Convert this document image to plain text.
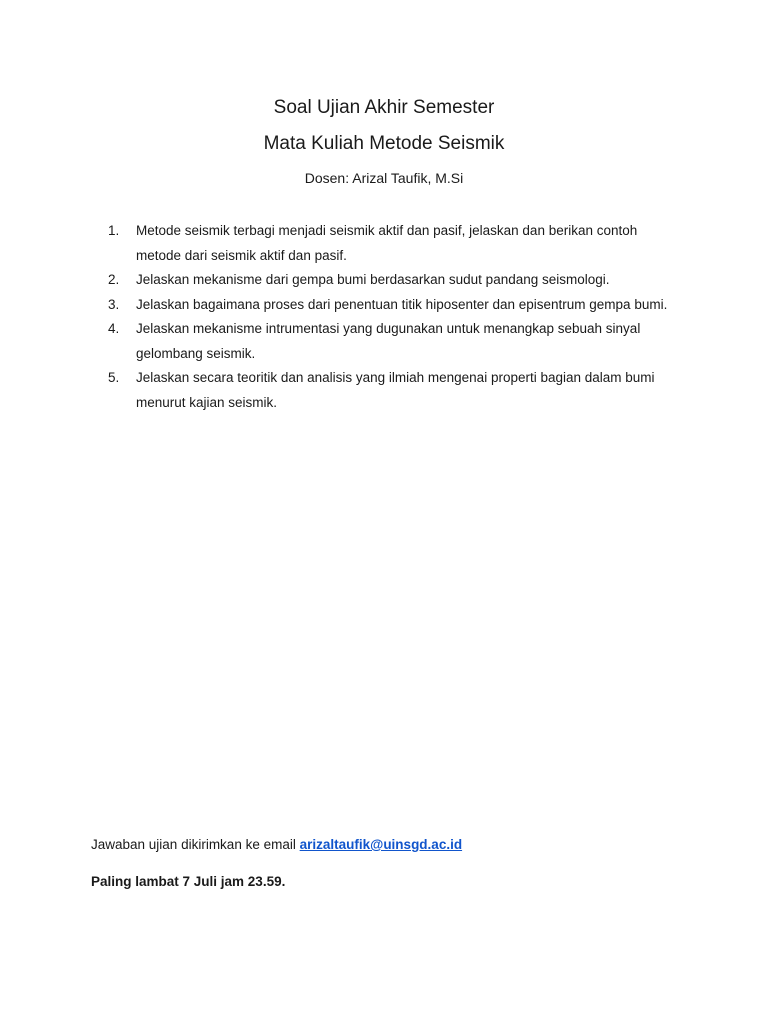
Soal Ujian Akhir Semester
Mata Kuliah Metode Seismik
Dosen: Arizal Taufik, M.Si
1. Metode seismik terbagi menjadi seismik aktif dan pasif, jelaskan dan berikan contoh metode dari seismik aktif dan pasif.
2. Jelaskan mekanisme dari gempa bumi berdasarkan sudut pandang seismologi.
3. Jelaskan bagaimana proses dari penentuan titik hiposenter dan episentrum gempa bumi.
4. Jelaskan mekanisme intrumentasi yang dugunakan untuk menangkap sebuah sinyal gelombang seismik.
5. Jelaskan secara teoritik dan analisis yang ilmiah mengenai properti bagian dalam bumi menurut kajian seismik.
Jawaban ujian dikirimkan ke email arizaltaufik@uinsgd.ac.id
Paling lambat 7 Juli jam 23.59.
